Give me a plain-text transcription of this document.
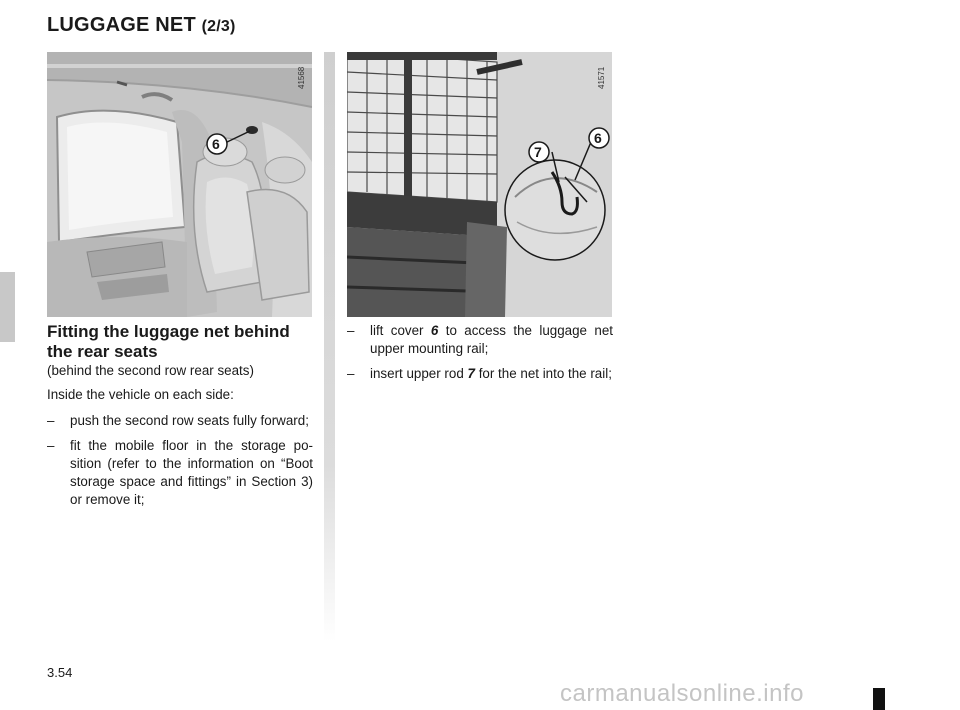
LUGGAGE NET (2/3)
6
41568
7
6
41571
Fitting the luggage net behind the rear seats

(behind the second row rear seats)

Inside the vehicle on each side:

–	push the second row seats fully forward;
–	fit the mobile floor in the storage po-sition (refer to the information on “Boot storage space and fittings” in Section 3) or remove it;
–	lift cover 6 to access the luggage net upper mounting rail;
–	insert upper rod 7 for the net into the rail;
3.54
carmanualsonline.info
